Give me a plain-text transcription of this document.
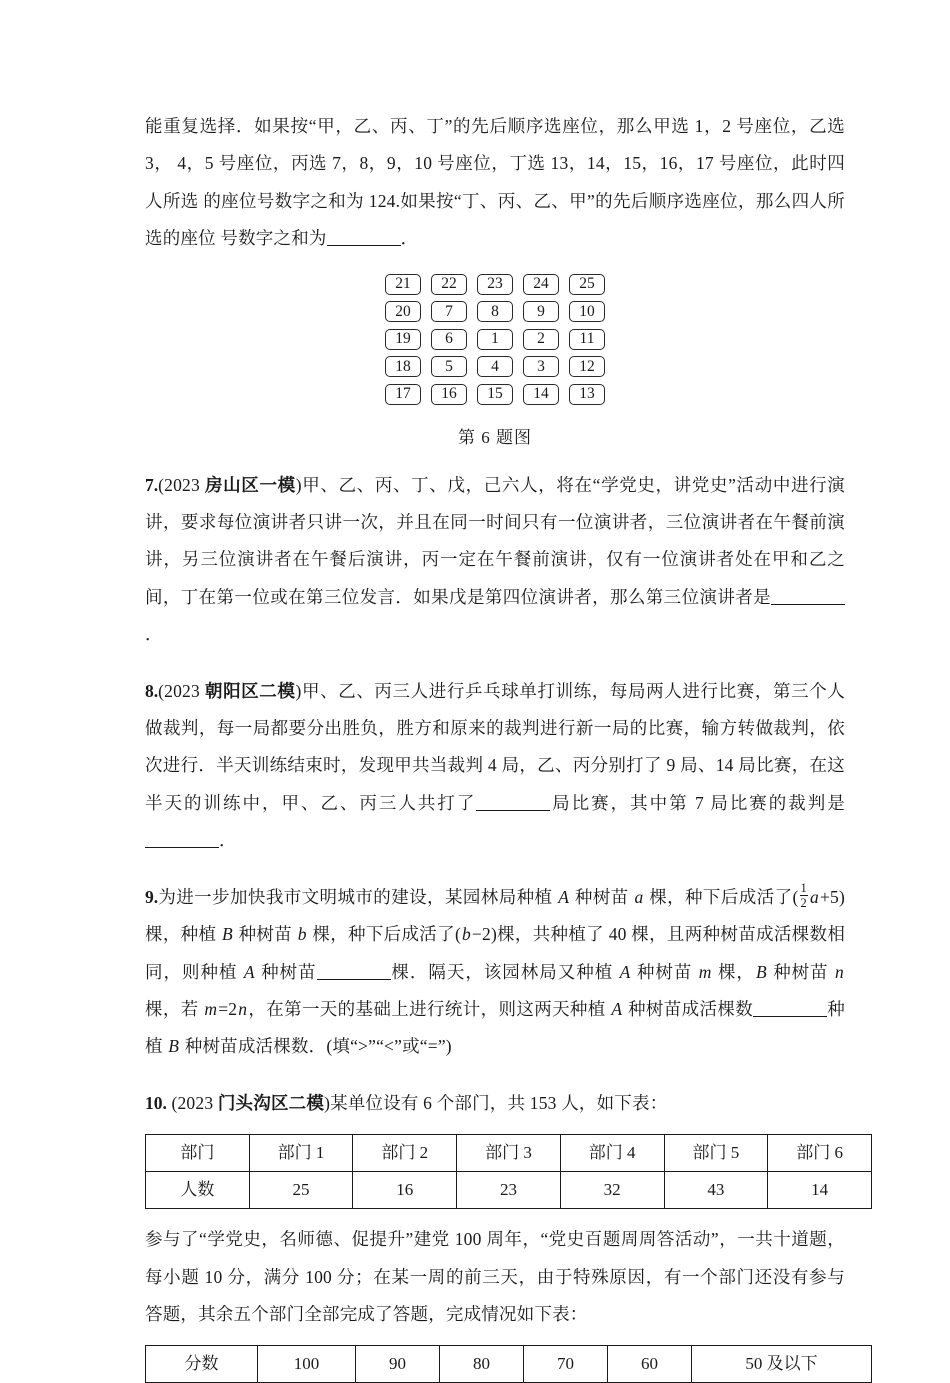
能重复选择．如果按“甲，乙、丙、丁”的先后顺序选座位，那么甲选 1，2 号座位，乙选 3， 4，5 号座位，丙选 7，8，9，10 号座位，丁选 13，14，15，16，17 号座位，此时四人所选 的座位号数字之和为 124.如果按“丁、丙、乙、甲”的先后顺序选座位，那么四人所选的座位 号数字之和为	．
21	22	23	24	25
20	7	8	9	10
19	6	1	2	11
18	5	4	3	12
17	16	15	14	13
第 6 题图
7.(2023 房山区一模)甲、乙、丙、丁、戊，己六人，将在“学党史，讲党史”活动中进行演讲，要求每位演讲者只讲一次，并且在同一时间只有一位演讲者，三位演讲者在午餐前演讲，另三位演讲者在午餐后演讲，丙一定在午餐前演讲，仅有一位演讲者处在甲和乙之间，丁在第一位或在第三位发言．如果戊是第四位演讲者，那么第三位演讲者是．
8.(2023 朝阳区二模)甲、乙、丙三人进行乒乓球单打训练，每局两人进行比赛，第三个人做裁判，每一局都要分出胜负，胜方和原来的裁判进行新一局的比赛，输方转做裁判，依次进行．半天训练结束时，发现甲共当裁判 4 局，乙、丙分别打了 9 局、14 局比赛，在这半天的训练中，甲、乙、丙三人共打了	局比赛，其中第 7 局比赛的裁判是．
9.为进一步加快我市文明城市的建设，某园林局种植 A 种树苗 a 棵，种下后成活了( $\frac{1}{2} a+5$)棵，种植 B 种树苗 b 棵，种下后成活了(b−2)棵，共种植了 40 棵，且两种树苗成活棵数相同，则种植 A 种树苗	棵．隔天，该园林局又种植 A 种树苗 m 棵，B 种树苗 n 棵，若 m=2n，在第一天的基础上进行统计，则这两天种植 A 种树苗成活棵数	种植 B 种树苗成活棵数．(填“>”“<”或“=”)
10. (2023 门头沟区二模)某单位设有 6 个部门，共 153 人，如下表：
部门	部门 1	部门 2	部门 3	部门 4	部门 5	部门 6
人数	25	16	23	32	43	14
参与了“学党史，名师德、促提升”建党 100 周年，“党史百题周周答活动”，一共十道题，每小题 10 分，满分 100 分；在某一周的前三天，由于特殊原因，有一个部门还没有参与答题，其余五个部门全部完成了答题，完成情况如下表：
分数	100	90	80	70	60	50 及以下
